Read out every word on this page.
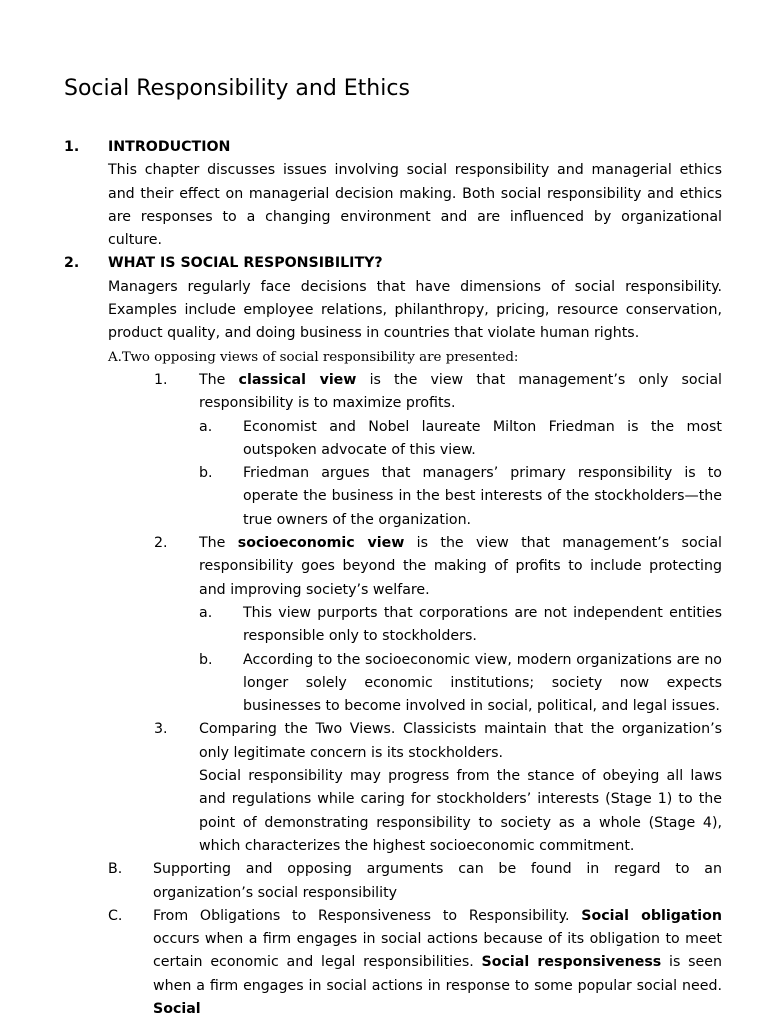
Social Responsibility and Ethics
1.	INTRODUCTION
This chapter discusses issues involving social responsibility and managerial ethics and their effect on managerial decision making. Both social responsibility and ethics are responses to a changing environment and are influenced by organizational culture.
2.	WHAT IS SOCIAL RESPONSIBILITY?
Managers regularly face decisions that have dimensions of social responsibility. Examples include employee relations, philanthropy, pricing, resource conservation, product quality, and doing business in countries that violate human rights.
A.Two opposing views of social responsibility are presented:
1.	The classical view is the view that management’s only social responsibility is to maximize profits.
a.	Economist and Nobel laureate Milton Friedman is the most outspoken advocate of this view.
b.	Friedman argues that managers’ primary responsibility is to operate the business in the best interests of the stockholders—the true owners of the organization.
2.	The socioeconomic view is the view that management’s social responsibility goes beyond the making of profits to include protecting and improving society’s welfare.
a.	This view purports that corporations are not independent entities responsible only to stockholders.
b.	According to the socioeconomic view, modern organizations are no longer solely economic institutions; society now expects businesses to become involved in social, political, and legal issues.
3.	Comparing the Two Views. Classicists maintain that the organization’s only legitimate concern is its stockholders.
Social responsibility may progress from the stance of obeying all laws and regulations while caring for stockholders’ interests (Stage 1) to the point of demonstrating responsibility to society as a whole (Stage 4), which characterizes the highest socioeconomic commitment.
B.	Supporting and opposing arguments can be found in regard to an organization’s social responsibility
C.	From Obligations to Responsiveness to Responsibility. Social obligation occurs when a firm engages in social actions because of its obligation to meet certain economic and legal responsibilities. Social responsiveness is seen when a firm engages in social actions in response to some popular social need. Social
